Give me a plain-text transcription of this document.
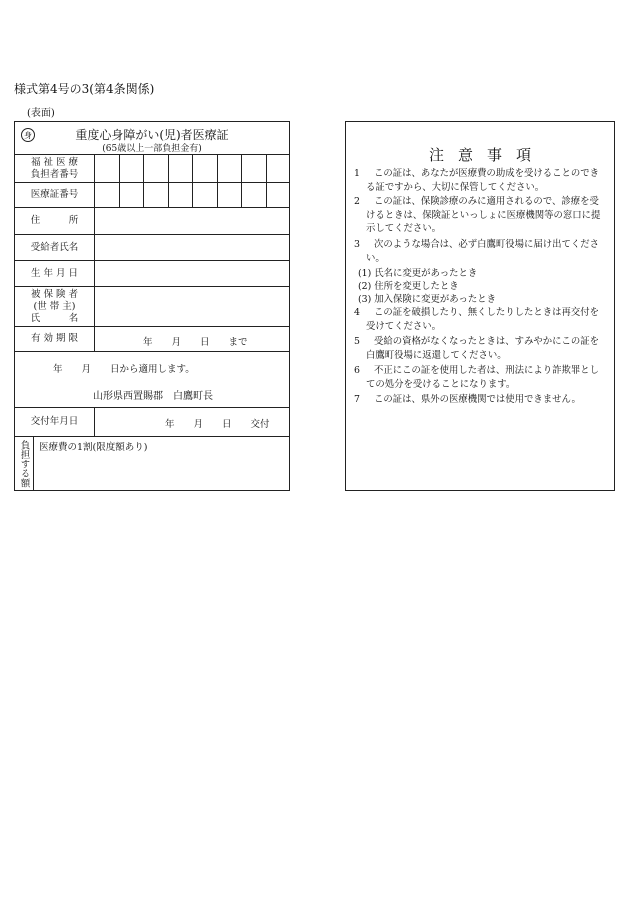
様式第4号の3(第4条関係)
(表面)
身	重度心身障がい(児)者医療証
(65歳以上一部負担金有)
福 祉 医 療
負担者番号
医療証番号
住　　　所
受給者氏名
生 年 月 日
被 保 険 者
(世 帯 主)
氏　　　名
有 効 期 限	年　　月　　日　　まで
年　　月　　日から適用します。
山形県西置賜郡　白鷹町長
交付年月日	年　　月　　日　　交付
負担する額	医療費の1割(限度額あり)
注意事項
1	この証は、あなたが医療費の助成を受けることのできる証ですから、大切に保管してください。
2	この証は、保険診療のみに適用されるので、診療を受けるときは、保険証といっしょに医療機関等の窓口に提示してください。
3	次のような場合は、必ず白鷹町役場に届け出てください。
(1) 氏名に変更があったとき
(2) 住所を変更したとき
(3) 加入保険に変更があったとき
4	この証を破損したり、無くしたりしたときは再交付を受けてください。
5	受給の資格がなくなったときは、すみやかにこの証を白鷹町役場に返還してください。
6	不正にこの証を使用した者は、刑法により詐欺罪としての処分を受けることになります。
7	この証は、県外の医療機関では使用できません。
